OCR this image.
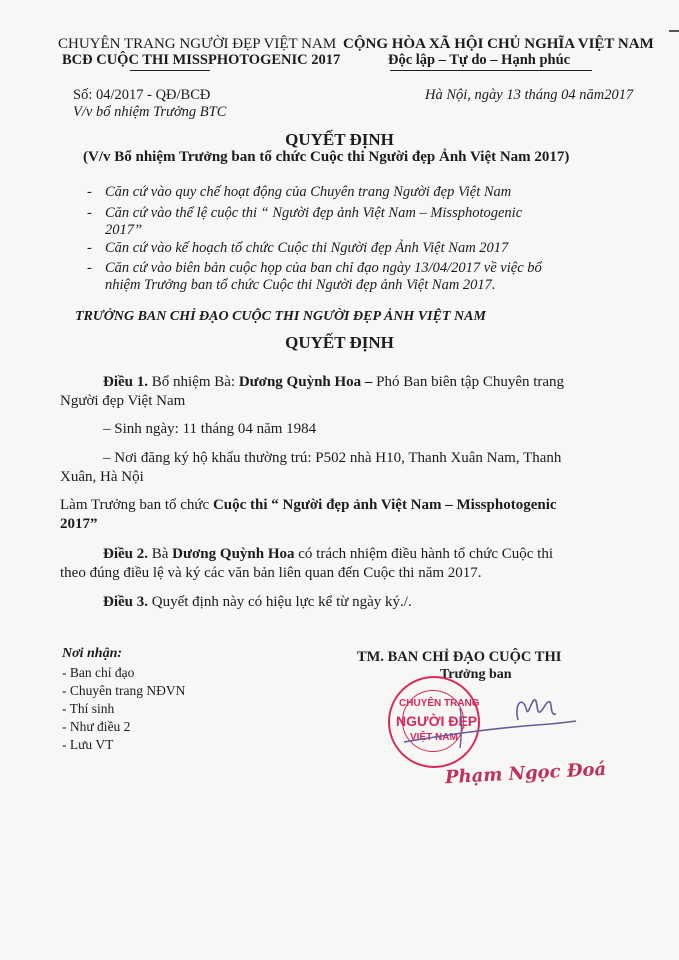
CHUYÊN TRANG NGƯỜI ĐẸP VIỆT NAM
BCĐ CUỘC THI MISSPHOTOGENIC 2017
CỘNG HÒA XÃ HỘI CHỦ NGHĨA VIỆT NAM
Độc lập – Tự do – Hạnh phúc
Số: 04/2017 - QĐ/BCĐ
V/v bổ nhiệm Trưởng BTC
Hà Nội, ngày 13 tháng 04 năm2017
QUYẾT ĐỊNH
(V/v Bổ nhiệm Trưởng ban tổ chức Cuộc thi Người đẹp Ảnh Việt Nam 2017)
- Căn cứ vào quy chế hoạt động của Chuyên trang Người đẹp Việt Nam
- Căn cứ vào thể lệ cuộc thi “ Người đẹp ảnh Việt Nam – Missphotogenic
2017”
- Căn cứ vào kế hoạch tổ chức Cuộc thi Người đẹp Ảnh Việt Nam 2017
- Căn cứ vào biên bản cuộc họp của ban chỉ đạo ngày 13/04/2017 về việc bổ
nhiệm Trưởng ban tổ chức Cuộc thi Người đẹp ảnh Việt Nam 2017.
TRƯỞNG BAN CHỈ ĐẠO CUỘC THI NGƯỜI ĐẸP ẢNH VIỆT NAM
QUYẾT ĐỊNH
Điều 1. Bổ nhiệm Bà: Dương Quỳnh Hoa – Phó Ban biên tập Chuyên trang
Người đẹp Việt Nam
– Sinh ngày: 11 tháng 04 năm 1984
– Nơi đăng ký hộ khẩu thường trú: P502 nhà H10, Thanh Xuân Nam, Thanh
Xuân, Hà Nội
Làm Trưởng ban tổ chức Cuộc thi “ Người đẹp ảnh Việt Nam – Missphotogenic
2017”
Điều 2. Bà Dương Quỳnh Hoa có trách nhiệm điều hành tổ chức Cuộc thi
theo đúng điều lệ và ký các văn bản liên quan đến Cuộc thi năm 2017.
Điều 3. Quyết định này có hiệu lực kể từ ngày ký./.
Nơi nhận:
- Ban chỉ đạo
- Chuyên trang NĐVN
- Thí sinh
- Như điều 2
- Lưu VT
TM. BAN CHỈ ĐẠO CUỘC THI
Trưởng ban
CHUYÊN TRANG
NGƯỜI ĐẸP
VIỆT NAM
Phạm Ngọc Đoá
